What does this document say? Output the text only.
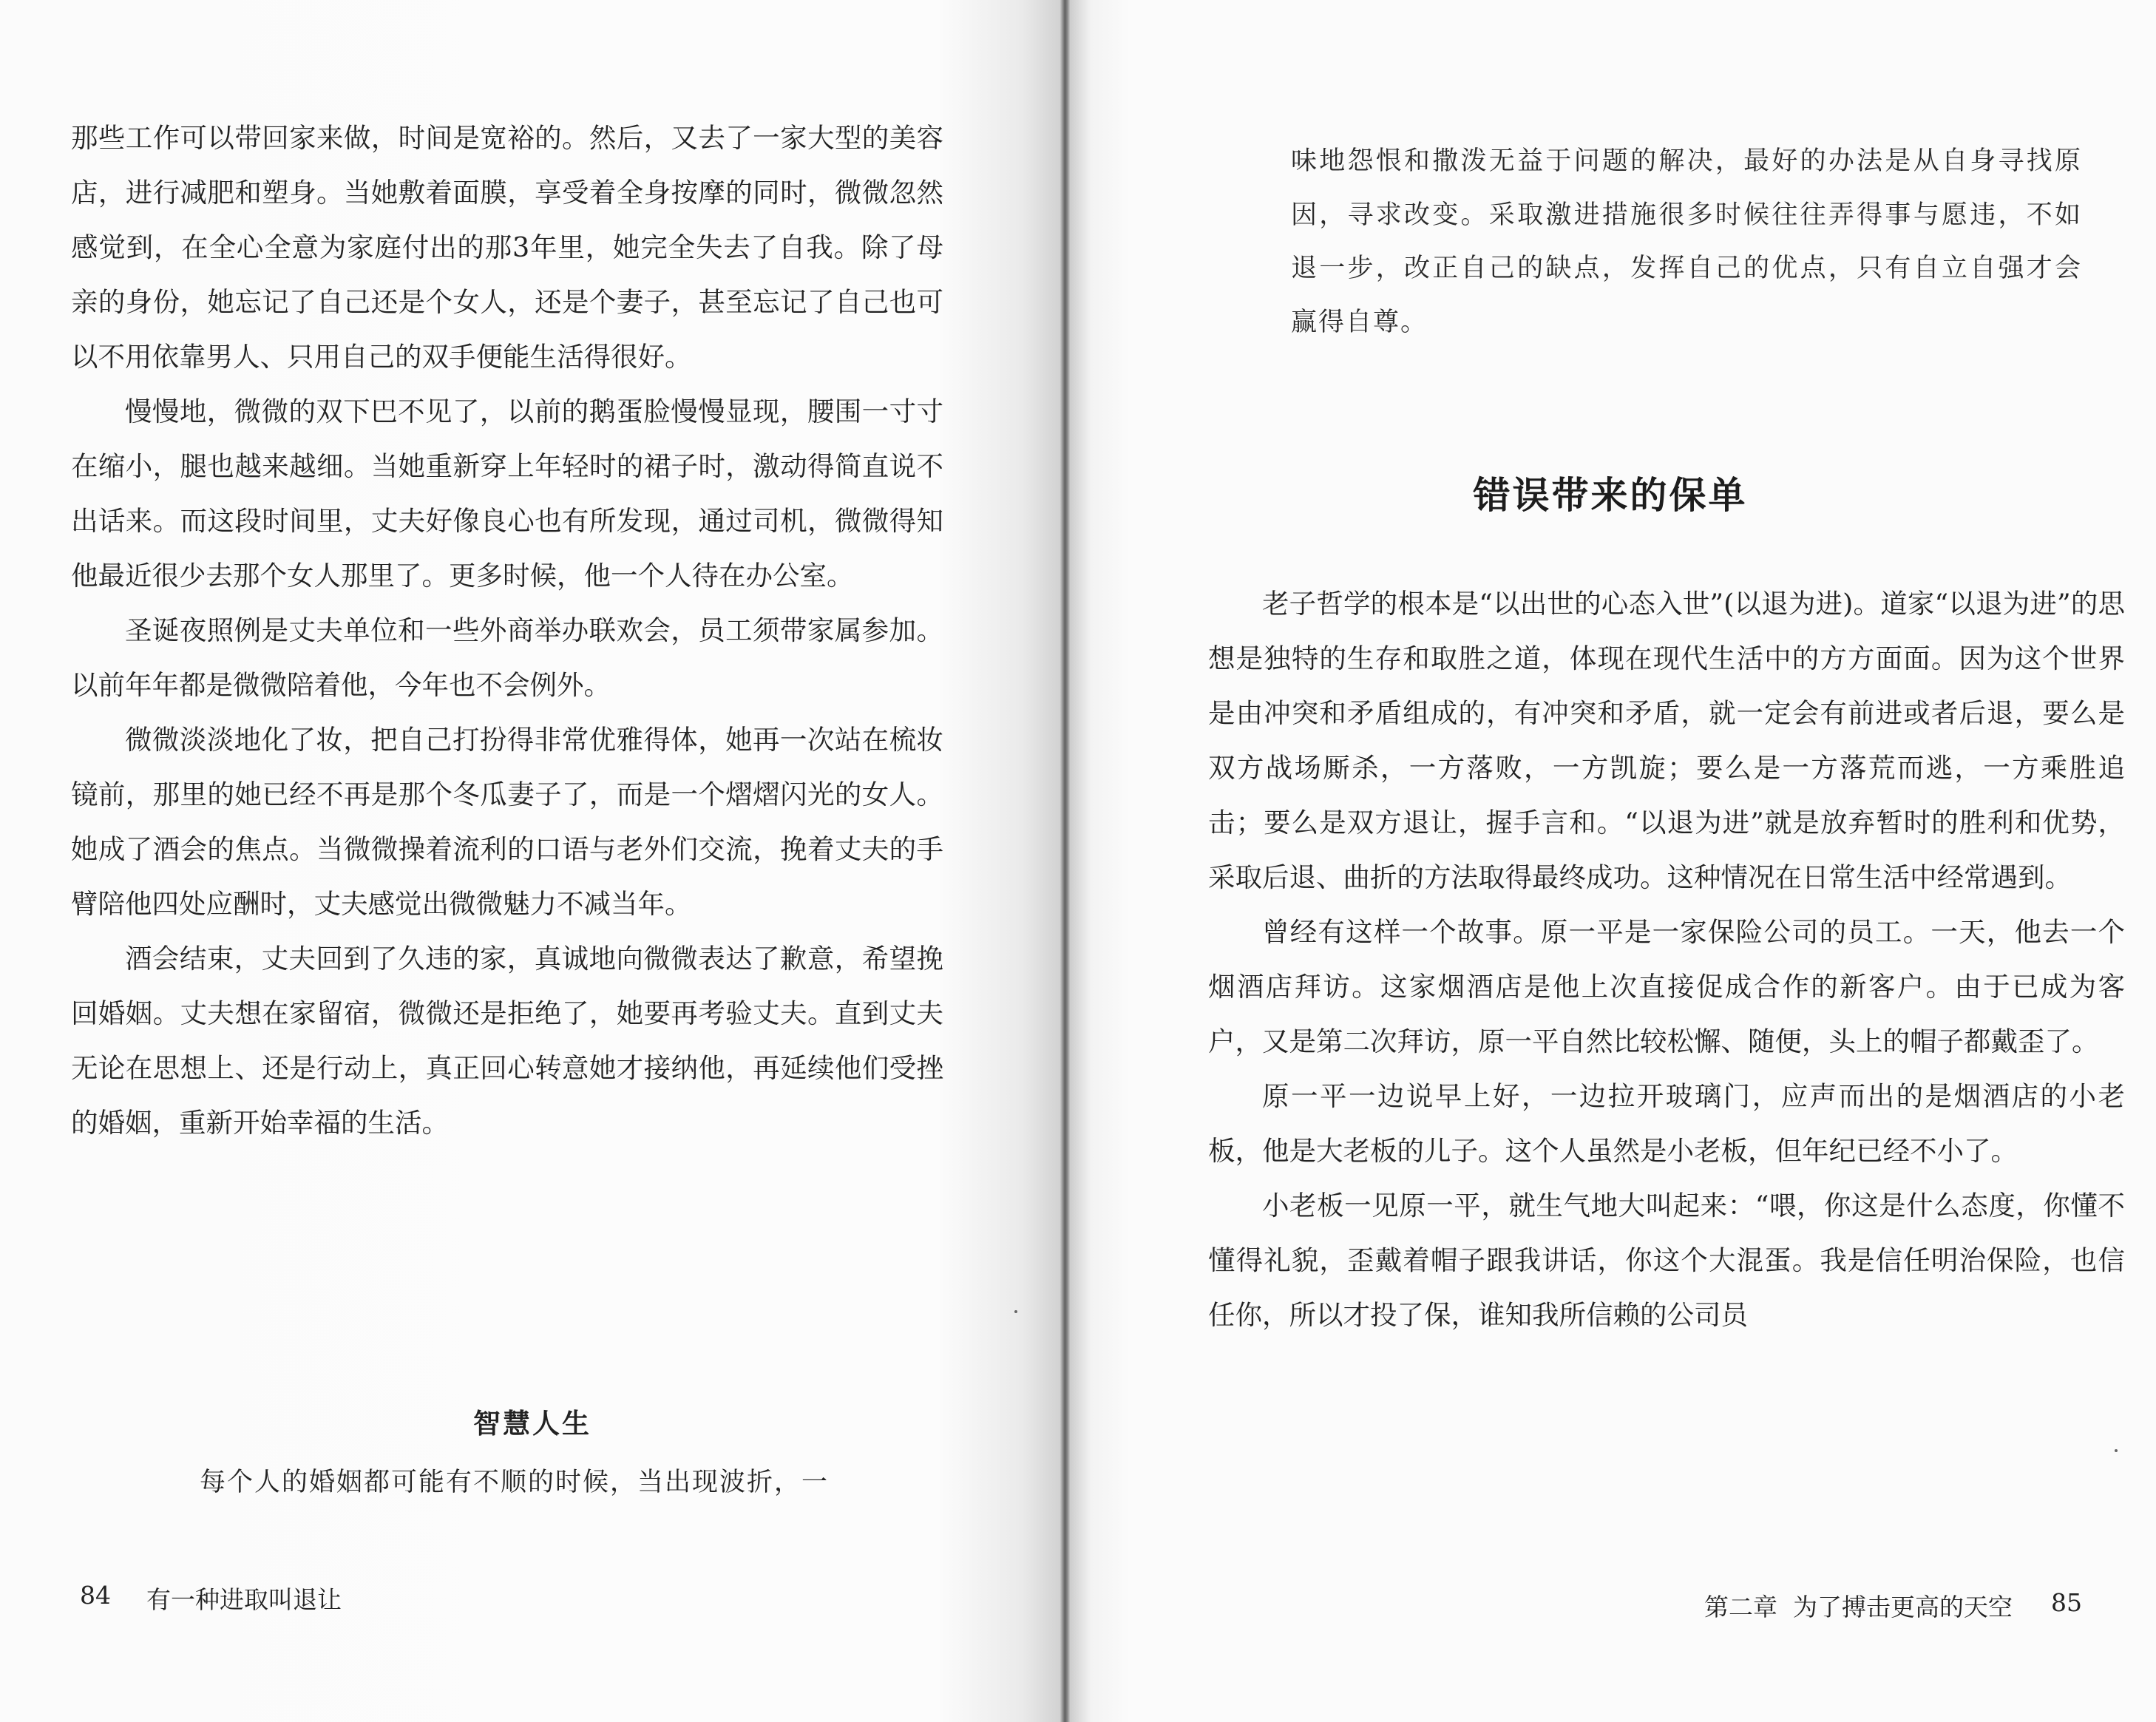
那些工作可以带回家来做，时间是宽裕的。然后，又去了一家大型的美容店，进行减肥和塑身。当她敷着面膜，享受着全身按摩的同时，微微忽然感觉到，在全心全意为家庭付出的那3年里，她完全失去了自我。除了母亲的身份，她忘记了自己还是个女人，还是个妻子，甚至忘记了自己也可以不用依靠男人、只用自己的双手便能生活得很好。

慢慢地，微微的双下巴不见了，以前的鹅蛋脸慢慢显现，腰围一寸寸在缩小，腿也越来越细。当她重新穿上年轻时的裙子时，激动得简直说不出话来。而这段时间里，丈夫好像良心也有所发现，通过司机，微微得知他最近很少去那个女人那里了。更多时候，他一个人待在办公室。

圣诞夜照例是丈夫单位和一些外商举办联欢会，员工须带家属参加。以前年年都是微微陪着他，今年也不会例外。

微微淡淡地化了妆，把自己打扮得非常优雅得体，她再一次站在梳妆镜前，那里的她已经不再是那个冬瓜妻子了，而是一个熠熠闪光的女人。她成了酒会的焦点。当微微操着流利的口语与老外们交流，挽着丈夫的手臂陪他四处应酬时，丈夫感觉出微微魅力不减当年。

酒会结束，丈夫回到了久违的家，真诚地向微微表达了歉意，希望挽回婚姻。丈夫想在家留宿，微微还是拒绝了，她要再考验丈夫。直到丈夫无论在思想上、还是行动上，真正回心转意她才接纳他，再延续他们受挫的婚姻，重新开始幸福的生活。

智慧人生
每个人的婚姻都可能有不顺的时候，当出现波折，一
84 有一种进取叫退让

味地怨恨和撒泼无益于问题的解决，最好的办法是从自身寻找原因，寻求改变。采取激进措施很多时候往往弄得事与愿违，不如退一步，改正自己的缺点，发挥自己的优点，只有自立自强才会赢得自尊。

错误带来的保单

老子哲学的根本是“以出世的心态入世”(以退为进)。道家“以退为进”的思想是独特的生存和取胜之道，体现在现代生活中的方方面面。因为这个世界是由冲突和矛盾组成的，有冲突和矛盾，就一定会有前进或者后退，要么是双方战场厮杀，一方落败，一方凯旋；要么是一方落荒而逃，一方乘胜追击；要么是双方退让，握手言和。“以退为进”就是放弃暂时的胜利和优势，采取后退、曲折的方法取得最终成功。这种情况在日常生活中经常遇到。

曾经有这样一个故事。原一平是一家保险公司的员工。一天，他去一个烟酒店拜访。这家烟酒店是他上次直接促成合作的新客户。由于已成为客户，又是第二次拜访，原一平自然比较松懈、随便，头上的帽子都戴歪了。

原一平一边说早上好，一边拉开玻璃门，应声而出的是烟酒店的小老板，他是大老板的儿子。这个人虽然是小老板，但年纪已经不小了。

小老板一见原一平，就生气地大叫起来：“喂，你这是什么态度，你懂不懂得礼貌，歪戴着帽子跟我讲话，你这个大混蛋。我是信任明治保险，也信任你，所以才投了保，谁知我所信赖的公司员

第二章 为了搏击更高的天空 85
